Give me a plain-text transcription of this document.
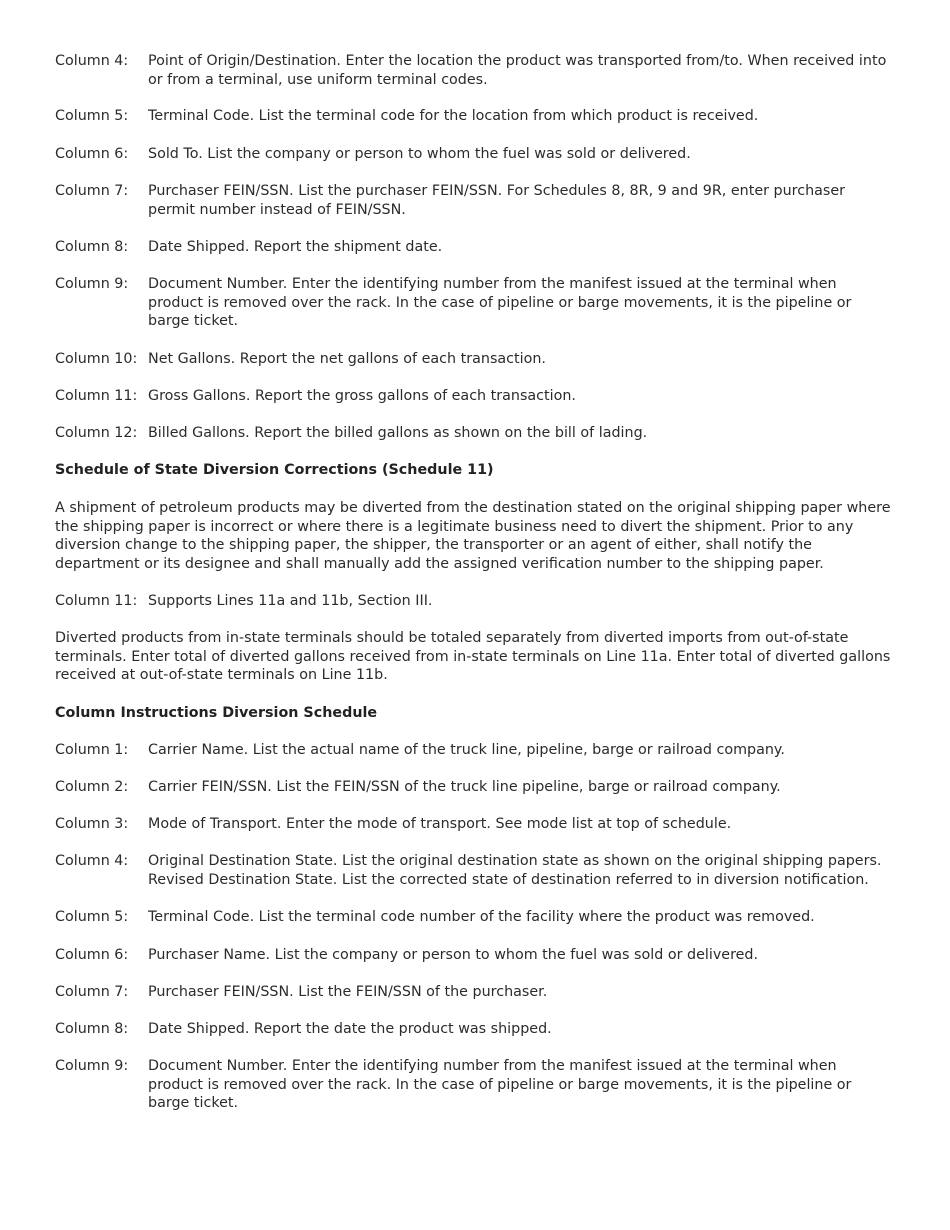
Column 4:	Point of Origin/Destination. Enter the location the product was transported from/to. When received into or from a terminal, use uniform terminal codes.
Column 5:	Terminal Code. List the terminal code for the location from which product is received.
Column 6:	Sold To. List the company or person to whom the fuel was sold or delivered.
Column 7:	Purchaser FEIN/SSN. List the purchaser FEIN/SSN. For Schedules 8, 8R, 9 and 9R, enter purchaser permit number instead of FEIN/SSN.
Column 8:	Date Shipped. Report the shipment date.
Column 9:	Document Number. Enter the identifying number from the manifest issued at the terminal when product is removed over the rack. In the case of pipeline or barge movements, it is the pipeline or barge ticket.
Column 10: Net Gallons. Report the net gallons of each transaction.
Column 11: Gross Gallons. Report the gross gallons of each transaction.
Column 12: Billed Gallons. Report the billed gallons as shown on the bill of lading.
Schedule of State Diversion Corrections (Schedule 11)
A shipment of petroleum products may be diverted from the destination stated on the original shipping paper where the shipping paper is incorrect or where there is a legitimate business need to divert the shipment. Prior to any diversion change to the shipping paper, the shipper, the transporter or an agent of either, shall notify the department or its designee and shall manually add the assigned verification number to the shipping paper.
Column 11: Supports Lines 11a and 11b, Section III.
Diverted products from in-state terminals should be totaled separately from diverted imports from out-of-state terminals. Enter total of diverted gallons received from in-state terminals on Line 11a. Enter total of diverted gallons received at out-of-state terminals on Line 11b.
Column Instructions Diversion Schedule
Column 1:	Carrier Name. List the actual name of the truck line, pipeline, barge or railroad company.
Column 2:	Carrier FEIN/SSN. List the FEIN/SSN of the truck line pipeline, barge or railroad company.
Column 3:	Mode of Transport. Enter the mode of transport. See mode list at top of schedule.
Column 4:	Original Destination State. List the original destination state as shown on the original shipping papers. Revised Destination State. List the corrected state of destination referred to in diversion notification.
Column 5:	Terminal Code. List the terminal code number of the facility where the product was removed.
Column 6:	Purchaser Name. List the company or person to whom the fuel was sold or delivered.
Column 7:	Purchaser FEIN/SSN. List the FEIN/SSN of the purchaser.
Column 8:	Date Shipped. Report the date the product was shipped.
Column 9:	Document Number. Enter the identifying number from the manifest issued at the terminal when product is removed over the rack. In the case of pipeline or barge movements, it is the pipeline or barge ticket.
